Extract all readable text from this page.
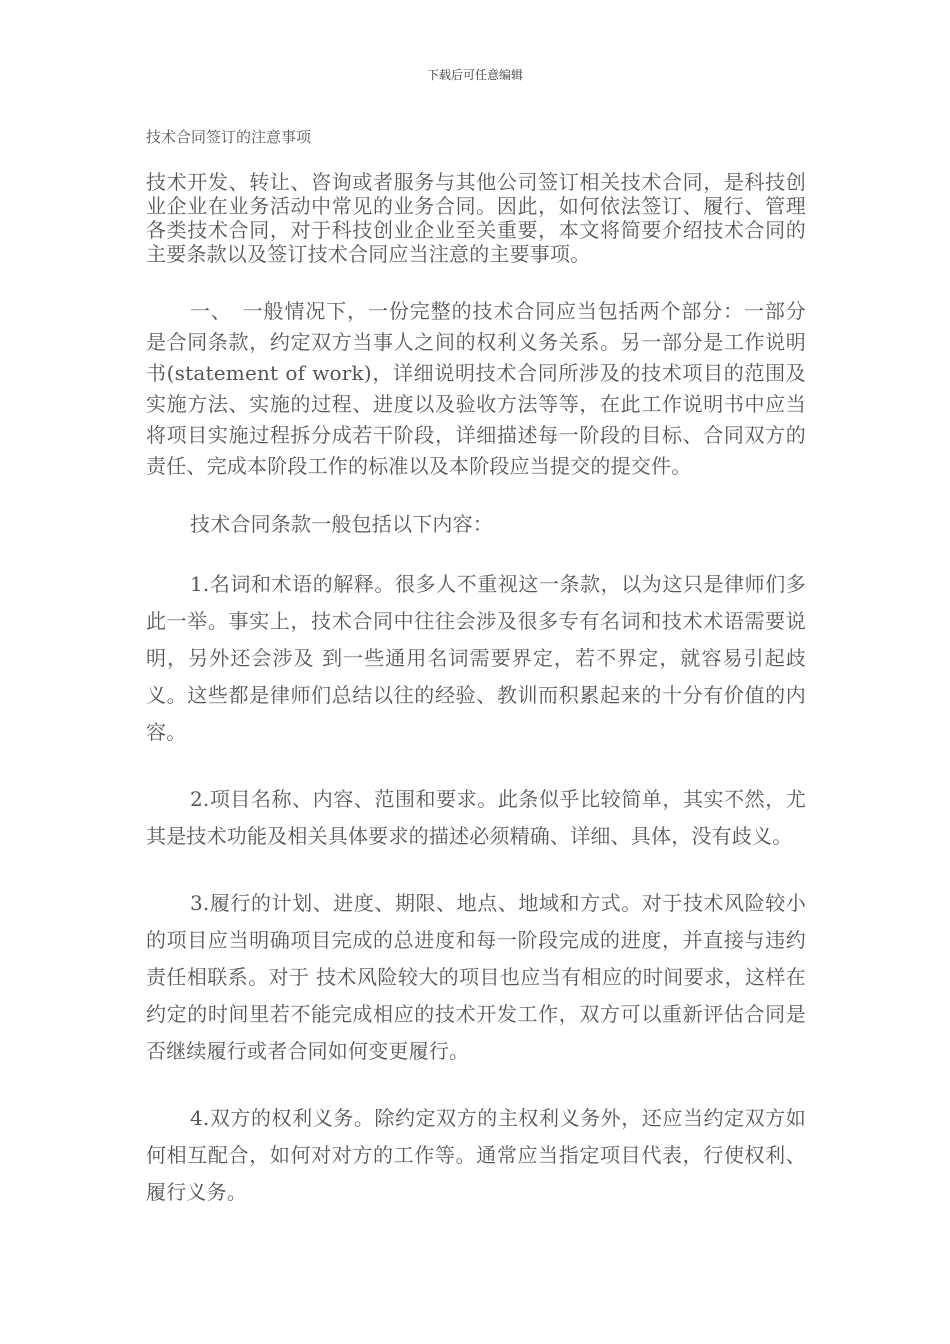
下载后可任意编辑
技术合同签订的注意事项

技术开发、转让、咨询或者服务与其他公司签订相关技术合同，是科技创业企业在业务活动中常见的业务合同。因此，如何依法签订、履行、管理各类技术合同，对于科技创业企业至关重要，本文将简要介绍技术合同的主要条款以及签订技术合同应当注意的主要事项。

一、　一般情况下，一份完整的技术合同应当包括两个部分：一部分是合同条款，约定双方当事人之间的权利义务关系。另一部分是工作说明书(statement of work)，详细说明技术合同所涉及的技术项目的范围及实施方法、实施的过程、进度以及验收方法等等，在此工作说明书中应当将项目实施过程拆分成若干阶段，详细描述每一阶段的目标、合同双方的责任、完成本阶段工作的标准以及本阶段应当提交的提交件。

技术合同条款一般包括以下内容：

1.名词和术语的解释。很多人不重视这一条款，以为这只是律师们多此一举。事实上，技术合同中往往会涉及很多专有名词和技术术语需要说明，另外还会涉及 到一些通用名词需要界定，若不界定，就容易引起歧义。这些都是律师们总结以往的经验、教训而积累起来的十分有价值的内容。

2.项目名称、内容、范围和要求。此条似乎比较简单，其实不然，尤其是技术功能及相关具体要求的描述必须精确、详细、具体，没有歧义。

3.履行的计划、进度、期限、地点、地域和方式。对于技术风险较小的项目应当明确项目完成的总进度和每一阶段完成的进度，并直接与违约责任相联系。对于 技术风险较大的项目也应当有相应的时间要求，这样在约定的时间里若不能完成相应的技术开发工作，双方可以重新评估合同是否继续履行或者合同如何变更履行。

4.双方的权利义务。除约定双方的主权利义务外，还应当约定双方如何相互配合，如何对对方的工作等。通常应当指定项目代表，行使权利、履行义务。
